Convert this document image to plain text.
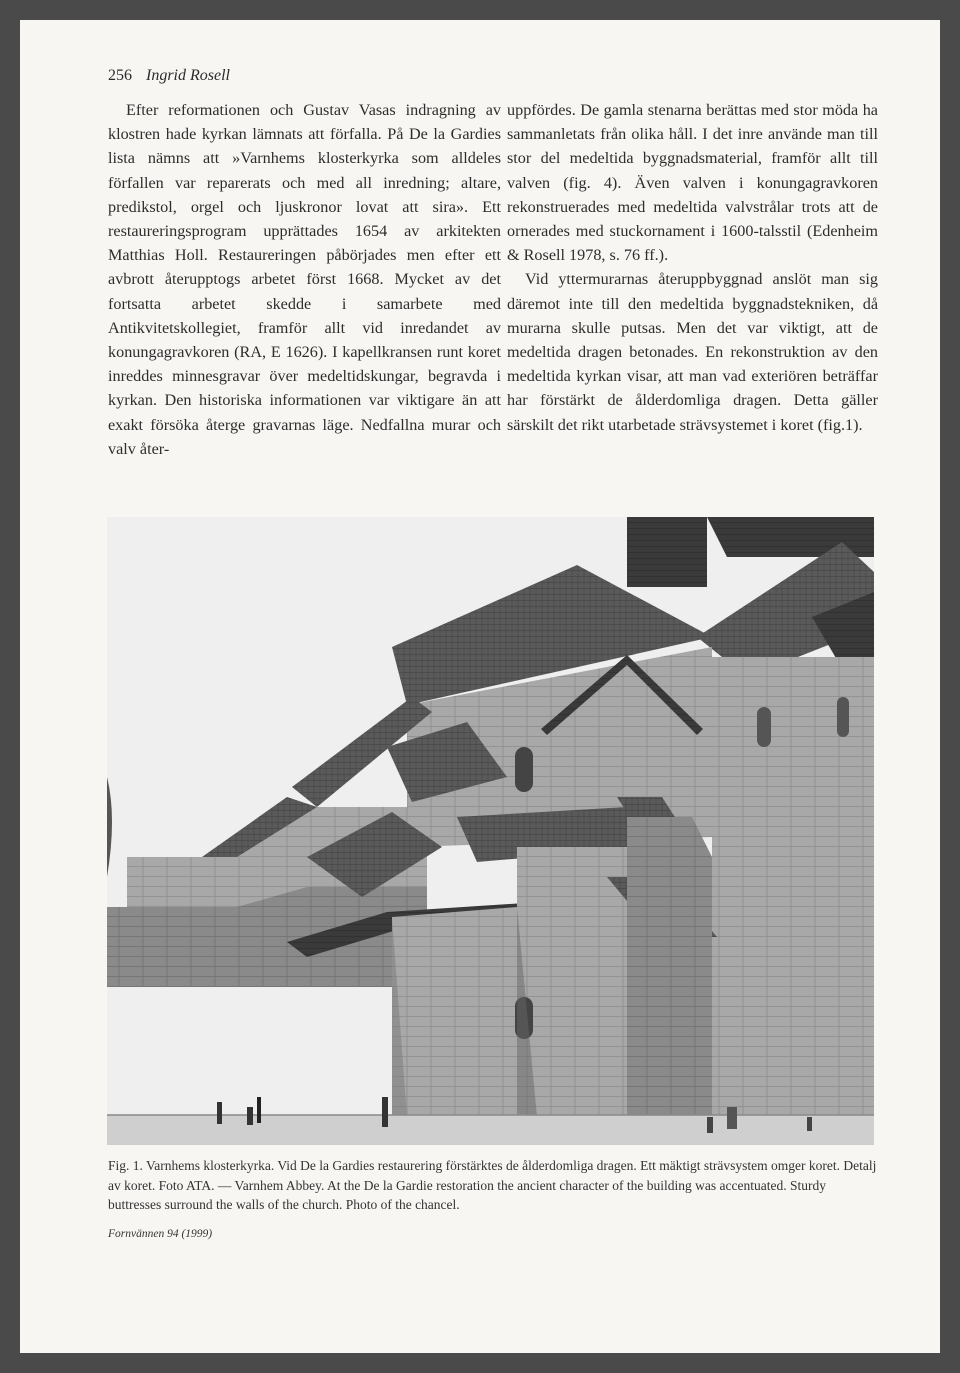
256 Ingrid Rosell

Efter reformationen och Gustav Vasas indragning av klostren hade kyrkan lämnats att förfalla. På De la Gardies lista nämns att »Varnhems klosterkyrka som alldeles förfallen var reparerats och med all inredning; altare, predikstol, orgel och ljuskronor lovat att sira». Ett restaureringsprogram upprättades 1654 av arkitekten Matthias Holl. Restaureringen påbörjades men efter ett avbrott återupptogs arbetet först 1668. Mycket av det fortsatta arbetet skedde i samarbete med Antikvitetskollegiet, framför allt vid inredandet av konungagravkoren (RA, E 1626). I kapellkransen runt koret inreddes minnesgravar över medeltidskungar, begravda i kyrkan. Den historiska informationen var viktigare än att exakt försöka återge gravarnas läge. Nedfallna murar och valv åter-

uppfördes. De gamla stenarna berättas med stor möda ha sammanletats från olika håll. I det inre använde man till stor del medeltida byggnadsmaterial, framför allt till valven (fig. 4). Även valven i konungagravkoren rekonstruerades med medeltida valvstrålar trots att de ornerades med stuckornament i 1600-talsstil (Edenheim & Rosell 1978, s. 76 ff.).

Vid yttermurarnas återuppbyggnad anslöt man sig däremot inte till den medeltida byggnadstekniken, då murarna skulle putsas. Men det var viktigt, att de medeltida dragen betonades. En rekonstruktion av den medeltida kyrkan visar, att man vad exteriören beträffar har förstärkt de ålderdomliga dragen. Detta gäller särskilt det rikt utarbetade strävsystemet i koret (fig.1).

Fig. 1. Varnhems klosterkyrka. Vid De la Gardies restaurering förstärktes de ålderdomliga dragen. Ett mäktigt strävsystem omger koret. Detalj av koret. Foto ATA. — Varnhem Abbey. At the De la Gardie restoration the ancient character of the building was accentuated. Sturdy buttresses surround the walls of the church. Photo of the chancel.

Fornvännen 94 (1999)
